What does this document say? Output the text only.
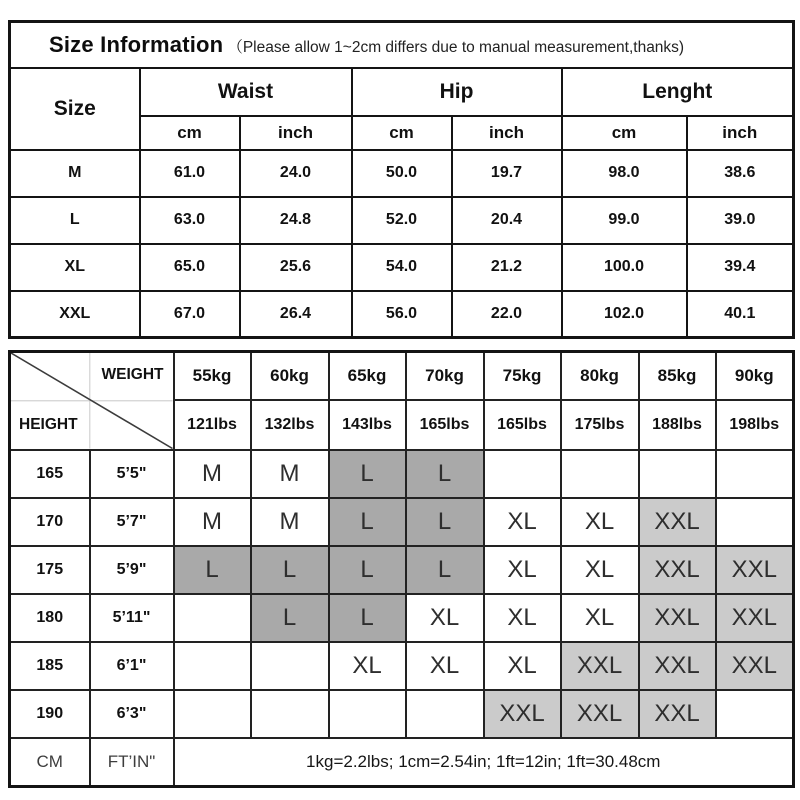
Size Information （Please allow 1~2cm differs due to manual measurement,thanks)						
Size	Waist		Hip		Lenght	
	cm	inch	cm	inch	cm	inch
M	61.0	24.0	50.0	19.7	98.0	38.6
L	63.0	24.8	52.0	20.4	99.0	39.0
XL	65.0	25.6	54.0	21.2	100.0	39.4
XXL	67.0	26.4	56.0	22.0	102.0	40.1
WEIGHT
HEIGHT		55kg	60kg	65kg	70kg	75kg	80kg	85kg	90kg
		121lbs	132lbs	143lbs	165lbs	165lbs	175lbs	188lbs	198lbs
165	5’5"	M	M	L	L				
170	5’7"	M	M	L	L	XL	XL	XXL	
175	5’9"	L	L	L	L	XL	XL	XXL	XXL
180	5’11"		L	L	XL	XL	XL	XXL	XXL
185	6’1"			XL	XL	XL	XXL	XXL	XXL
190	6’3"					XXL	XXL	XXL	
CM	FT’IN"	1kg=2.2lbs; 1cm=2.54in; 1ft=12in; 1ft=30.48cm							
